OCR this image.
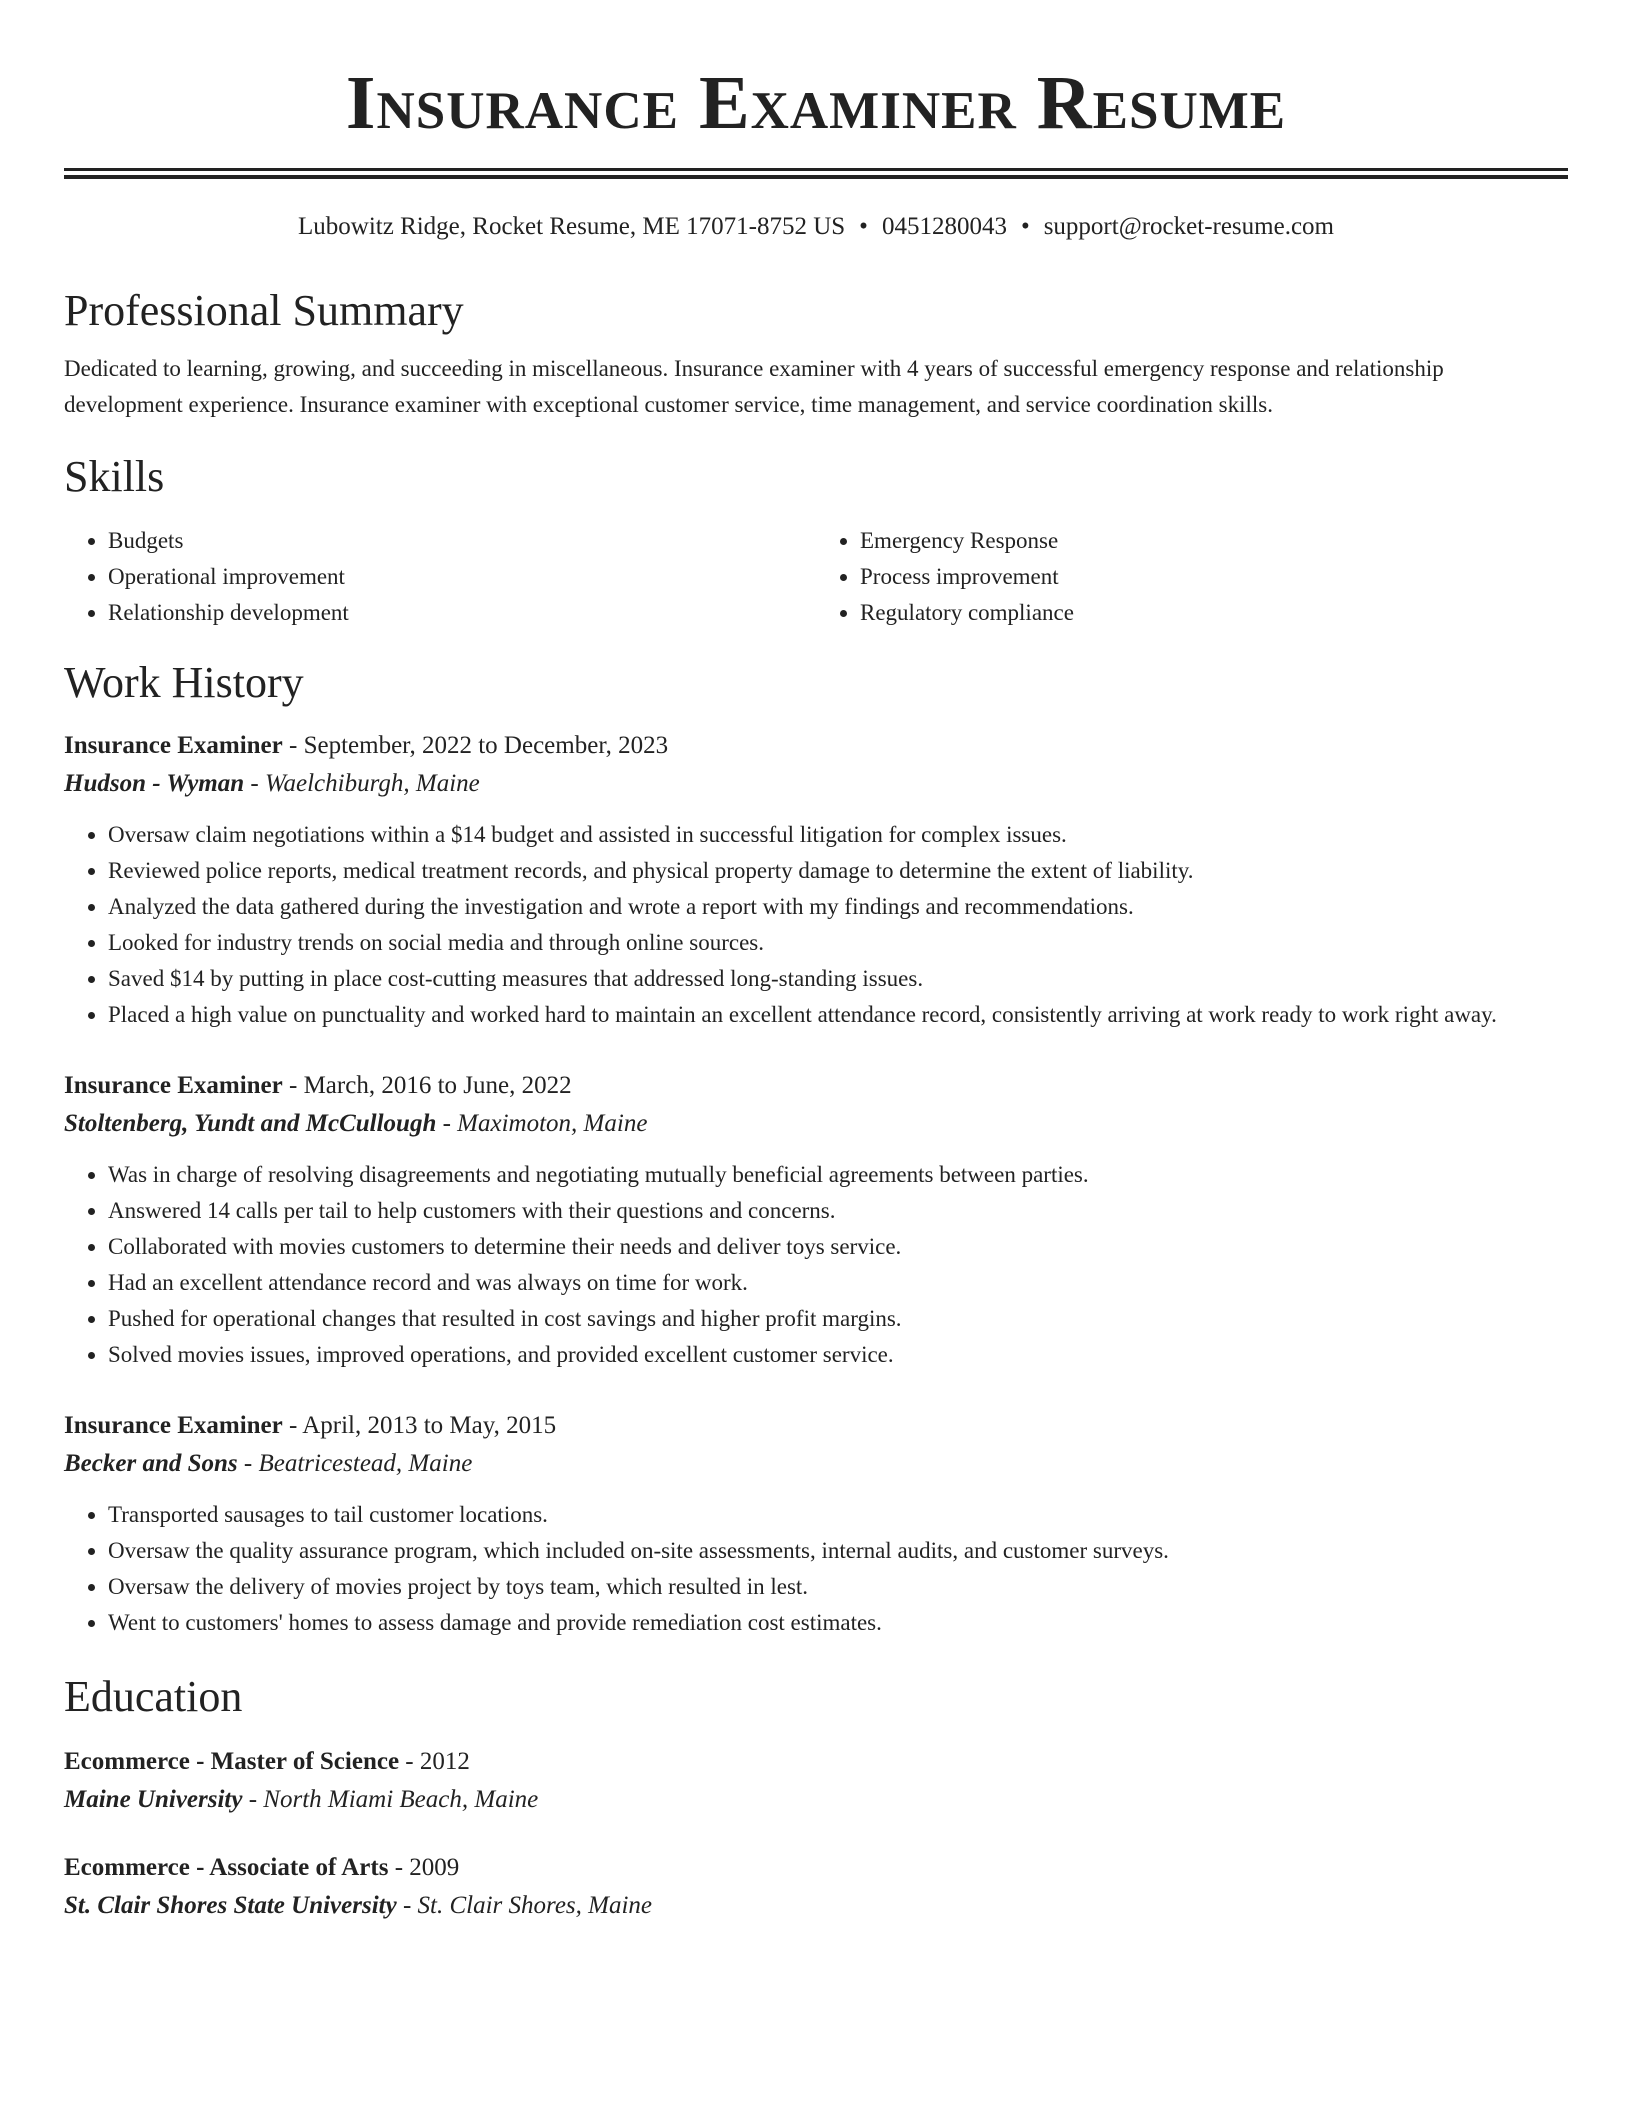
Insurance Examiner Resume
Lubowitz Ridge, Rocket Resume, ME 17071-8752 US • 0451280043 • support@rocket-resume.com
Professional Summary
Dedicated to learning, growing, and succeeding in miscellaneous. Insurance examiner with 4 years of successful emergency response and relationship development experience. Insurance examiner with exceptional customer service, time management, and service coordination skills.
Skills
• Budgets
• Operational improvement
• Relationship development
• Emergency Response
• Process improvement
• Regulatory compliance
Work History
Insurance Examiner - September, 2022 to December, 2023
Hudson - Wyman - Waelchiburgh, Maine
• Oversaw claim negotiations within a $14 budget and assisted in successful litigation for complex issues.
• Reviewed police reports, medical treatment records, and physical property damage to determine the extent of liability.
• Analyzed the data gathered during the investigation and wrote a report with my findings and recommendations.
• Looked for industry trends on social media and through online sources.
• Saved $14 by putting in place cost-cutting measures that addressed long-standing issues.
• Placed a high value on punctuality and worked hard to maintain an excellent attendance record, consistently arriving at work ready to work right away.
Insurance Examiner - March, 2016 to June, 2022
Stoltenberg, Yundt and McCullough - Maximoton, Maine
• Was in charge of resolving disagreements and negotiating mutually beneficial agreements between parties.
• Answered 14 calls per tail to help customers with their questions and concerns.
• Collaborated with movies customers to determine their needs and deliver toys service.
• Had an excellent attendance record and was always on time for work.
• Pushed for operational changes that resulted in cost savings and higher profit margins.
• Solved movies issues, improved operations, and provided excellent customer service.
Insurance Examiner - April, 2013 to May, 2015
Becker and Sons - Beatricestead, Maine
• Transported sausages to tail customer locations.
• Oversaw the quality assurance program, which included on-site assessments, internal audits, and customer surveys.
• Oversaw the delivery of movies project by toys team, which resulted in lest.
• Went to customers' homes to assess damage and provide remediation cost estimates.
Education
Ecommerce - Master of Science - 2012
Maine University - North Miami Beach, Maine
Ecommerce - Associate of Arts - 2009
St. Clair Shores State University - St. Clair Shores, Maine
